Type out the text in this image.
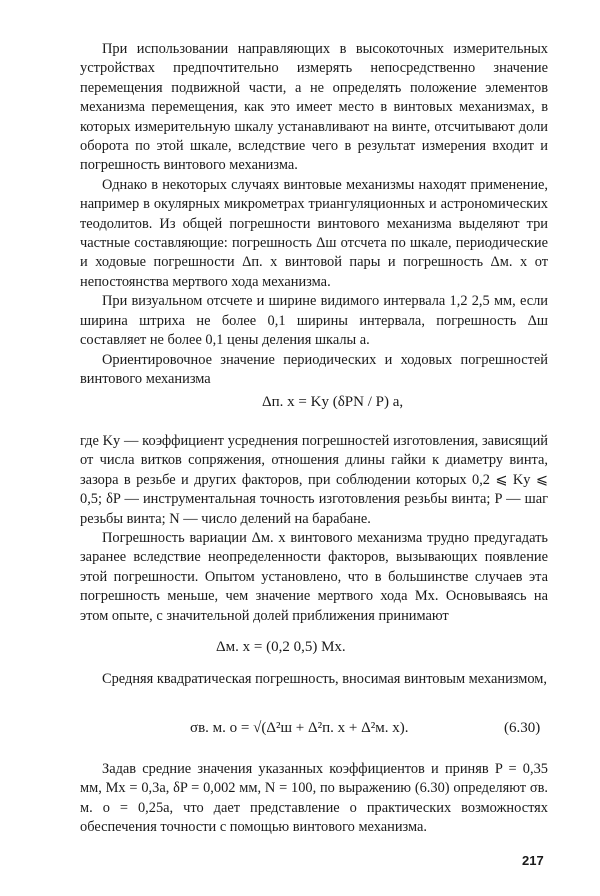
При использовании направляющих в высокоточных измерительных устройствах предпочтительно измерять непосредственно значение перемещения подвижной части, а не определять положение элементов механизма перемещения, как это имеет место в винтовых механизмах, в которых измерительную шкалу устанавливают на винте, отсчитывают доли оборота по этой шкале, вследствие чего в результат измерения входит и погрешность винтового механизма.

Однако в некоторых случаях винтовые механизмы находят применение, например в окулярных микрометрах триангуляционных и астрономических теодолитов. Из общей погрешности винтового механизма выделяют три частные составляющие: погрешность Δш отсчета по шкале, периодические и ходовые погрешности Δп. х винтовой пары и погрешность Δм. х от непостоянства мертвого хода механизма.

При визуальном отсчете и ширине видимого интервала 1,2 2,5 мм, если ширина штриха не более 0,1 ширины интервала, погрешность Δш составляет не более 0,1 цены деления шкалы a.

Ориентировочное значение периодических и ходовых погрешностей винтового механизма

Δп. х = Kу (δPN / P) a,

где Kу — коэффициент усреднения погрешностей изготовления, зависящий от числа витков сопряжения, отношения длины гайки к диаметру винта, зазора в резьбе и других факторов, при соблюдении которых 0,2 ⩽ Kу ⩽ 0,5; δP — инструментальная точность изготовления резьбы винта; P — шаг резьбы винта; N — число делений на барабане.

Погрешность вариации Δм. х винтового механизма трудно предугадать заранее вследствие неопределенности факторов, вызывающих появление этой погрешности. Опытом установлено, что в большинстве случаев эта погрешность меньше, чем значение мертвого хода Mх. Основываясь на этом опыте, с значительной долей приближения принимают

Δм. х = (0,2 0,5) Mх.

Средняя квадратическая погрешность, вносимая винтовым механизмом,

σв. м. о = √(Δ²ш + Δ²п. х + Δ²м. х).	(6.30)

Задав средние значения указанных коэффициентов и приняв P = 0,35 мм, Mх = 0,3a, δP = 0,002 мм, N = 100, по выражению (6.30) определяют σв. м. о = 0,25a, что дает представление о практических возможностях обеспечения точности с помощью винтового механизма.

217
